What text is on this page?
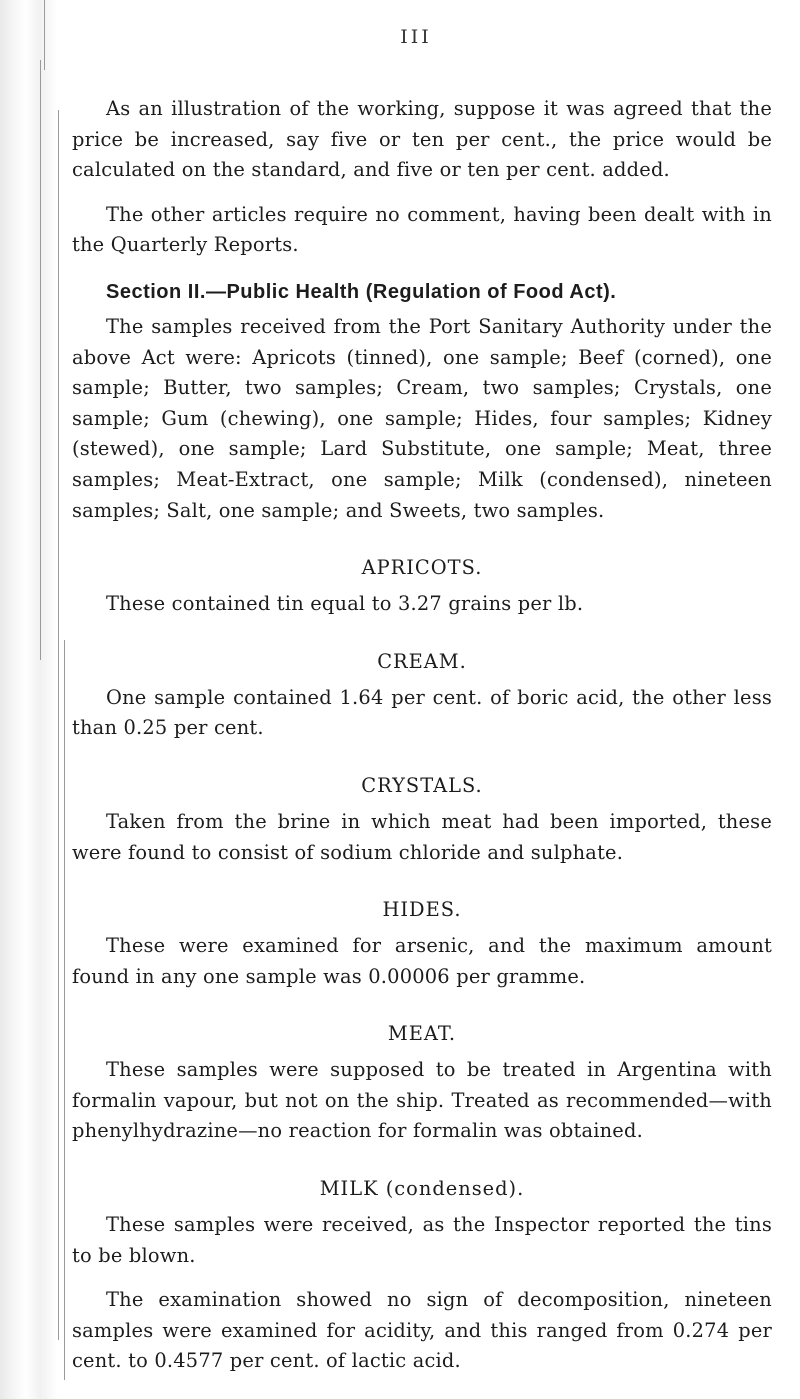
III

As an illustration of the working, suppose it was agreed that the price be increased, say five or ten per cent., the price would be calculated on the standard, and five or ten per cent. added.

The other articles require no comment, having been dealt with in the Quarterly Reports.

Section II.—Public Health (Regulation of Food Act).

The samples received from the Port Sanitary Authority under the above Act were: Apricots (tinned), one sample; Beef (corned), one sample; Butter, two samples; Cream, two samples; Crystals, one sample; Gum (chewing), one sample; Hides, four samples; Kidney (stewed), one sample; Lard Substitute, one sample; Meat, three samples; Meat-Extract, one sample; Milk (condensed), nineteen samples; Salt, one sample; and Sweets, two samples.

APRICOTS.

These contained tin equal to 3.27 grains per lb.

CREAM.

One sample contained 1.64 per cent. of boric acid, the other less than 0.25 per cent.

CRYSTALS.

Taken from the brine in which meat had been imported, these were found to consist of sodium chloride and sulphate.

HIDES.

These were examined for arsenic, and the maximum amount found in any one sample was 0.00006 per gramme.

MEAT.

These samples were supposed to be treated in Argentina with formalin vapour, but not on the ship. Treated as recommended—with phenylhydrazine—no reaction for formalin was obtained.

MILK (condensed).

These samples were received, as the Inspector reported the tins to be blown.

The examination showed no sign of decomposition, nineteen samples were examined for acidity, and this ranged from 0.274 per cent. to 0.4577 per cent. of lactic acid.
